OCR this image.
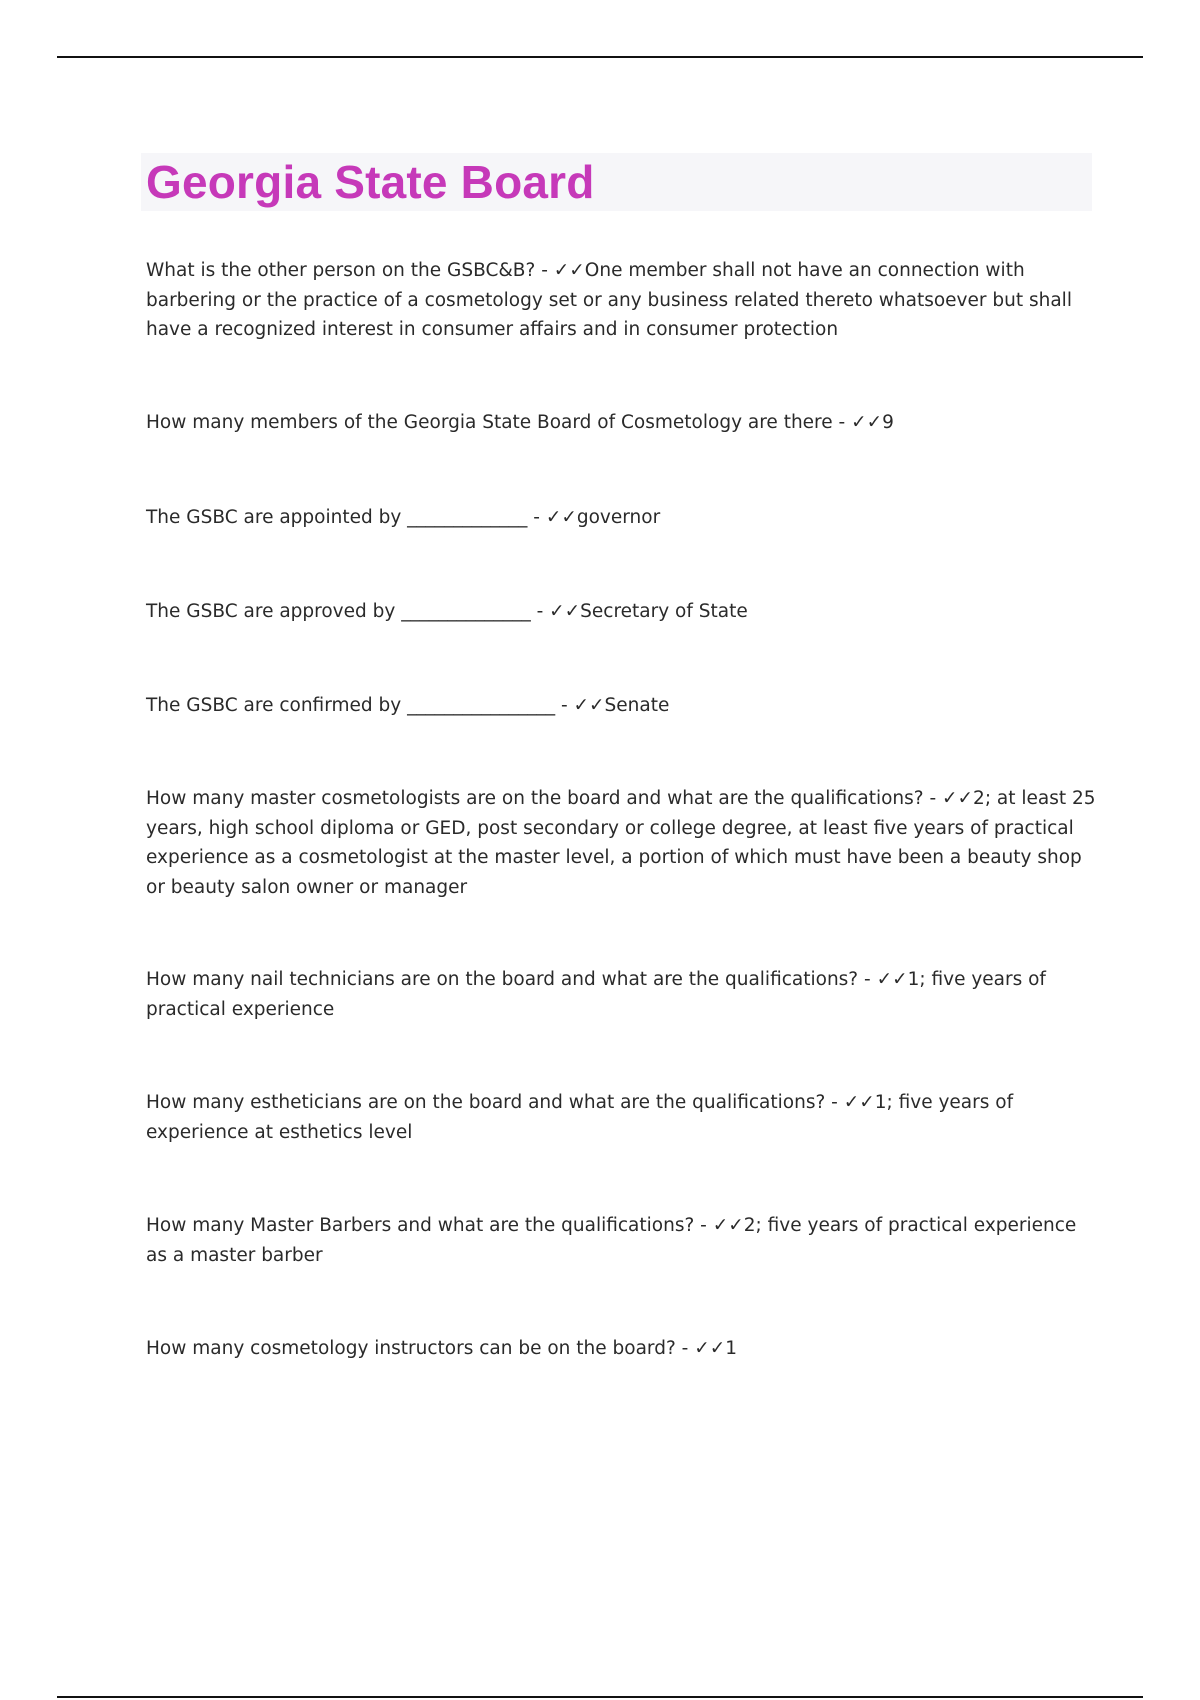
Georgia State Board

What is the other person on the GSBC&B? - ✓✓One member shall not have an connection with barbering or the practice of a cosmetology set or any business related thereto whatsoever but shall have a recognized interest in consumer affairs and in consumer protection

How many members of the Georgia State Board of Cosmetology are there - ✓✓9

The GSBC are appointed by _____________ - ✓✓governor

The GSBC are approved by ______________ - ✓✓Secretary of State

The GSBC are confirmed by ________________ - ✓✓Senate

How many master cosmetologists are on the board and what are the qualifications? - ✓✓2; at least 25 years, high school diploma or GED, post secondary or college degree, at least five years of practical experience as a cosmetologist at the master level, a portion of which must have been a beauty shop or beauty salon owner or manager

How many nail technicians are on the board and what are the qualifications? - ✓✓1; five years of practical experience

How many estheticians are on the board and what are the qualifications? - ✓✓1; five years of experience at esthetics level

How many Master Barbers and what are the qualifications? - ✓✓2; five years of practical experience as a master barber

How many cosmetology instructors can be on the board? - ✓✓1
